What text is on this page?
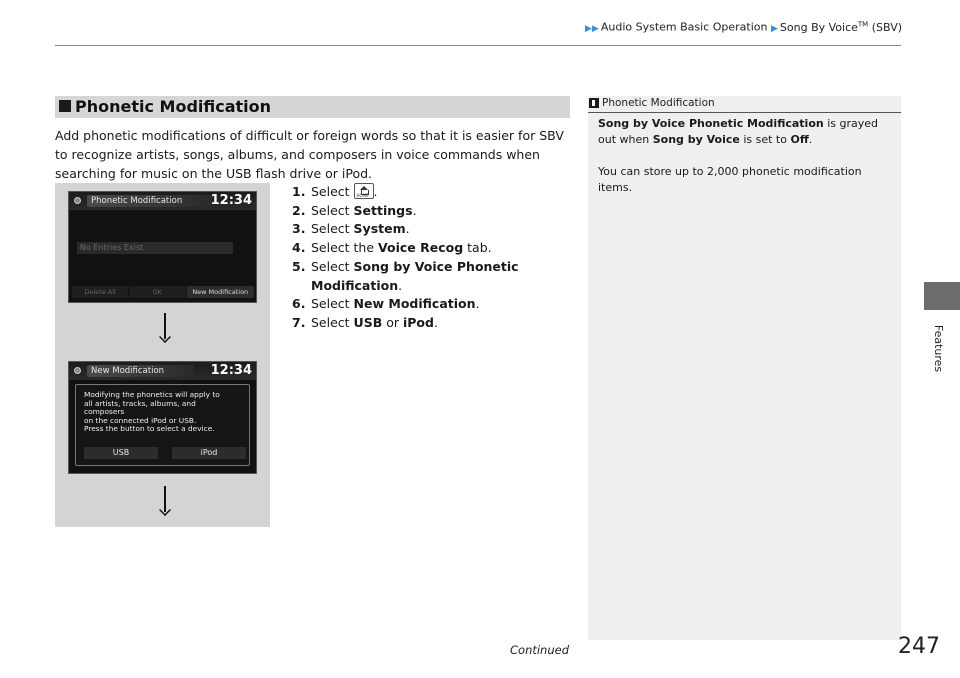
▶▶ Audio System Basic Operation ▶ Song By Voice™ (SBV)
Features
Phonetic Modification
Add phonetic modifications of difficult or foreign words so that it is easier for SBV to recognize artists, songs, albums, and composers in voice commands when searching for music on the USB flash drive or iPod.
Phonetic Modification	12:34
No Entries Exist
Delete All	OK	New Modification
New Modification	12:34
Modifying the phonetics will apply to
all artists, tracks, albums, and
composers
on the connected iPod or USB.
Press the button to select a device.
USB	iPod
1. Select HOME .
2. Select Settings.
3. Select System.
4. Select the Voice Recog tab.
5. Select Song by Voice Phonetic Modification.
6. Select New Modification.
7. Select USB or iPod.
Phonetic Modification

Song by Voice Phonetic Modification is grayed out when Song by Voice is set to Off.

You can store up to 2,000 phonetic modification items.

Continued	247
